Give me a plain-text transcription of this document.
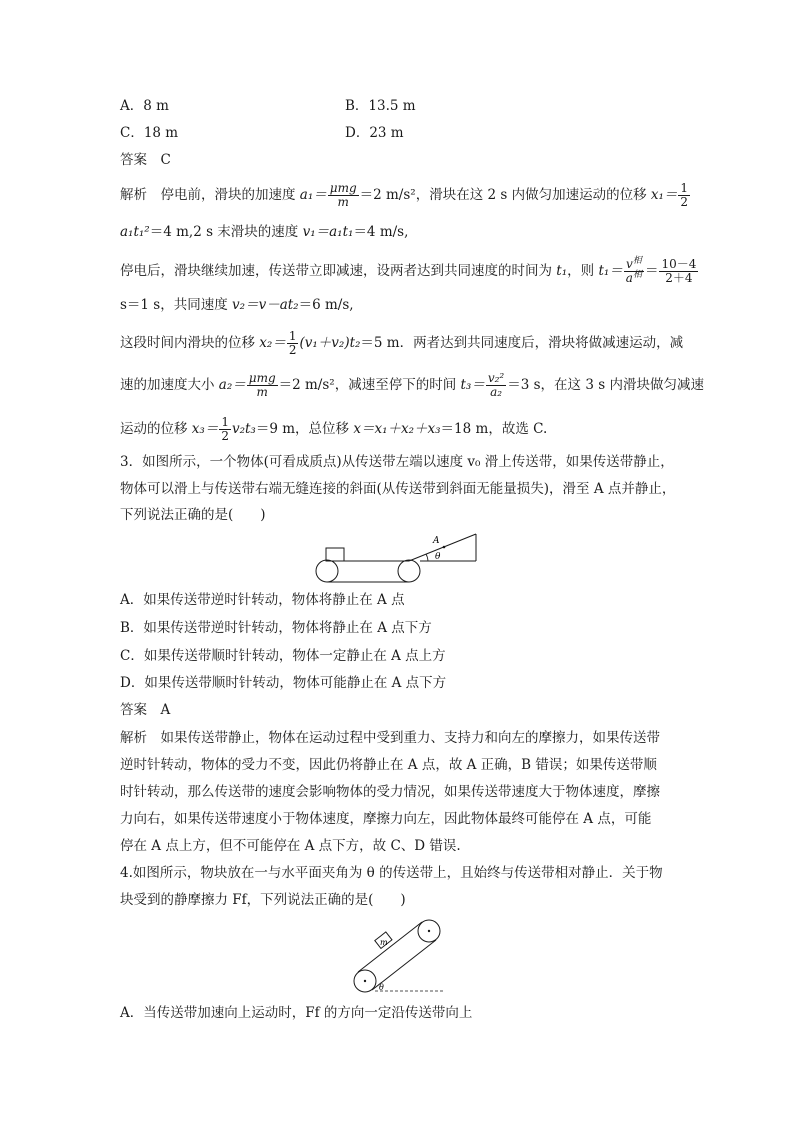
A．8 m	B．13.5 m
C．18 m	D．23 m
答案　C
解析　停电前，滑块的加速度 $a_1= \frac{\text{μmg}}{m} =2$ m/s²，滑块在这 2 s 内做匀加速运动的位移 $x_1= \frac{1}{2}$
a₁t₁²＝4 m,2 s 末滑块的速度 v₁＝a₁t₁＝4 m/s,
停电后，滑块继续加速，传送带立即减速，设两者达到共同速度的时间为 t₁，则 $t_1= \frac{v^相}{a^相} = \frac{10-4}{2+4}$
s＝1 s，共同速度 v₂＝v－at₂＝6 m/s,
这段时间内滑块的位移 $x_2= \frac{1}{2} (v_1+v_2)t_2=5$ m．两者达到共同速度后，滑块将做减速运动，减
速的加速度大小 $a_2= \frac{\text{μmg}}{m} =2$ m/s²，减速至停下的时间 $t_3= \frac{\text{v₂²}}{\text{a₂}} =3$ s，在这 3 s 内滑块做匀减速
运动的位移 $x_3= \frac{1}{2} v_2t_3=9$ m，总位移 x＝x₁＋x₂＋x₃＝18 m，故选 C.
3．如图所示，一个物体(可看成质点)从传送带左端以速度 v₀ 滑上传送带，如果传送带静止，
物体可以滑上与传送带右端无缝连接的斜面(从传送带到斜面无能量损失)，滑至 A 点并静止，
下列说法正确的是(　　)
A
θ
A．如果传送带逆时针转动，物体将静止在 A 点
B．如果传送带逆时针转动，物体将静止在 A 点下方
C．如果传送带顺时针转动，物体一定静止在 A 点上方
D．如果传送带顺时针转动，物体可能静止在 A 点下方
答案　A
解析　如果传送带静止，物体在运动过程中受到重力、支持力和向左的摩擦力，如果传送带
逆时针转动，物体的受力不变，因此仍将静止在 A 点，故 A 正确，B 错误；如果传送带顺
时针转动，那么传送带的速度会影响物体的受力情况，如果传送带速度大于物体速度，摩擦
力向右，如果传送带速度小于物体速度，摩擦力向左，因此物体最终可能停在 A 点，可能
停在 A 点上方，但不可能停在 A 点下方，故 C、D 错误.
4.如图所示，物块放在一与水平面夹角为 θ 的传送带上，且始终与传送带相对静止．关于物
块受到的静摩擦力 Ff，下列说法正确的是(　　)
m
θ
A．当传送带加速向上运动时，Ff 的方向一定沿传送带向上
